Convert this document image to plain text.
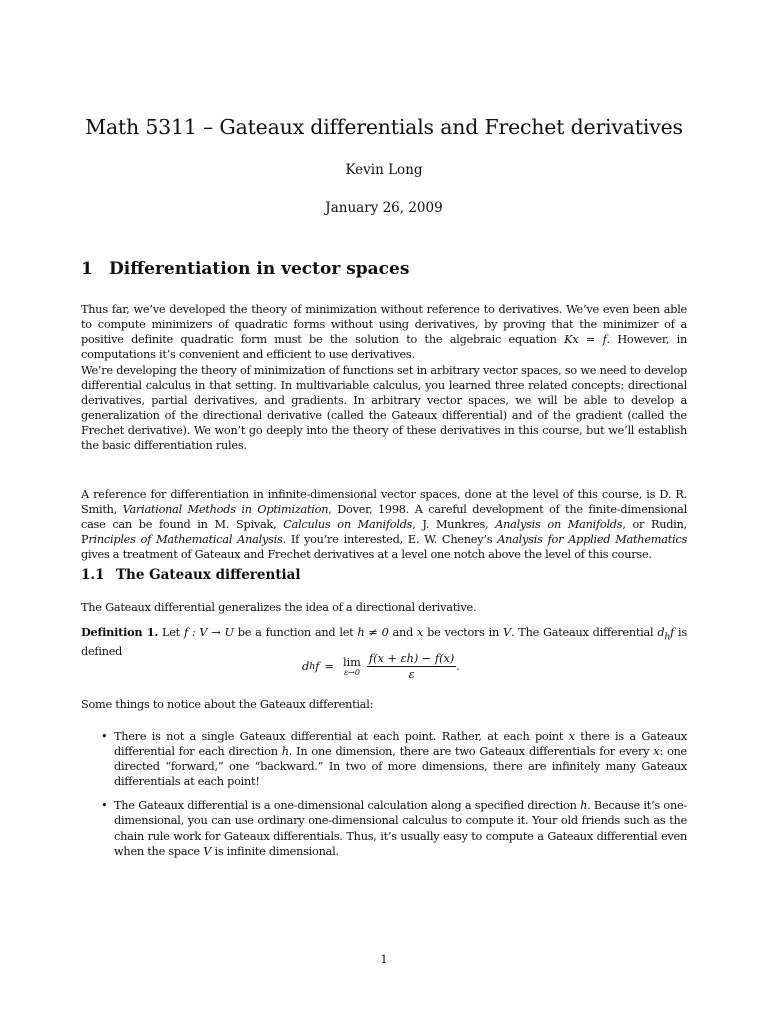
Math 5311 – Gateaux differentials and Frechet derivatives
Kevin Long
January 26, 2009
1 Differentiation in vector spaces
Thus far, we’ve developed the theory of minimization without reference to derivatives. We’ve even been able to compute minimizers of quadratic forms without using derivatives, by proving that the minimizer of a positive definite quadratic form must be the solution to the algebraic equation Kx = f. However, in computations it’s convenient and efficient to use derivatives.
We’re developing the theory of minimization of functions set in arbitrary vector spaces, so we need to develop differential calculus in that setting. In multivariable calculus, you learned three related concepts: directional derivatives, partial derivatives, and gradients. In arbitrary vector spaces, we will be able to develop a generalization of the directional derivative (called the Gateaux differential) and of the gradient (called the Frechet derivative). We won’t go deeply into the theory of these derivatives in this course, but we’ll establish the basic differentiation rules.
A reference for differentiation in infinite-dimensional vector spaces, done at the level of this course, is D. R. Smith, Variational Methods in Optimization, Dover, 1998. A careful development of the finite-dimensional case can be found in M. Spivak, Calculus on Manifolds, J. Munkres, Analysis on Manifolds, or Rudin, Principles of Mathematical Analysis. If you’re interested, E. W. Cheney’s Analysis for Applied Mathematics gives a treatment of Gateaux and Frechet derivatives at a level one notch above the level of this course.
1.1 The Gateaux differential
The Gateaux differential generalizes the idea of a directional derivative.
Definition 1. Let f : V → U be a function and let h ≠ 0 and x be vectors in V. The Gateaux differential $d_hf$ is defined
d h f = lim
$\varepsilon\to 0 \frac{f(x + \varepsilon h) - f(x)}{\varepsilon}$ .
Some things to notice about the Gateaux differential:
• There is not a single Gateaux differential at each point. Rather, at each point x there is a Gateaux differential for each direction h. In one dimension, there are two Gateaux differentials for every x: one directed “forward,” one “backward.” In two of more dimensions, there are infinitely many Gateaux differentials at each point!
• The Gateaux differential is a one-dimensional calculation along a specified direction h. Because it’s one-dimensional, you can use ordinary one-dimensional calculus to compute it. Your old friends such as the chain rule work for Gateaux differentials. Thus, it’s usually easy to compute a Gateaux differential even when the space V is infinite dimensional.
1
